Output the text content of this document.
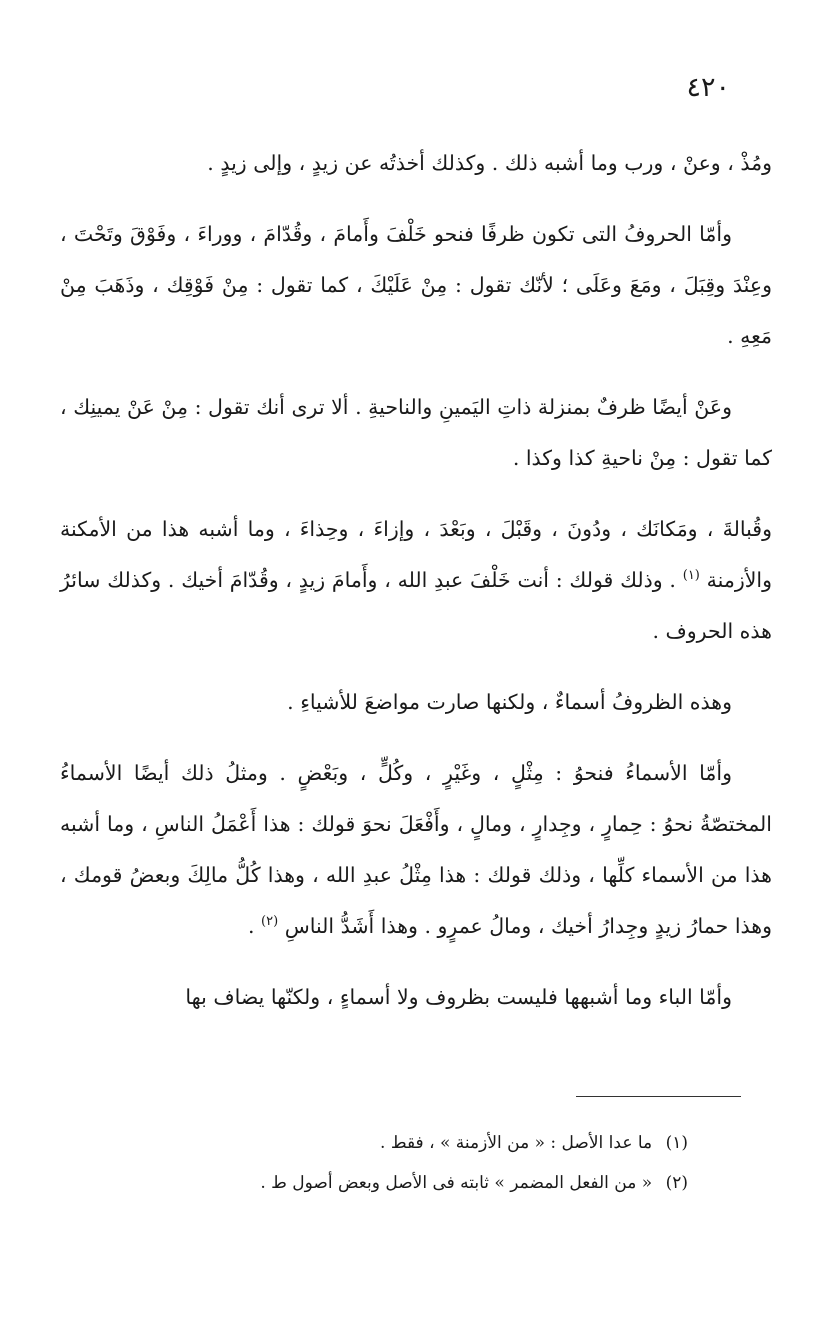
٤٢٠

ومُذْ ، وعنْ ، ورب وما أشبه ذلك . وكذلك أخذتُه عن زيدٍ ، وإلى زيدٍ .

وأمّا الحروفُ التى تكون ظرفًا فنحو خَلْفَ وأَمامَ ، وقُدّامَ ، ووراءَ ، وفَوْقَ وتَحْتَ ، وعِنْدَ وقِبَلَ ، ومَعَ وعَلَى ؛ لأنّك تقول : مِنْ عَلَيْكَ ، كما تقول : مِنْ فَوْقِك ، وذَهَبَ مِنْ مَعِهِ .

وعَنْ أيضًا ظرفٌ بمنزلة ذاتِ اليَمينِ والناحيةِ . ألا ترى أنك تقول : مِنْ عَنْ يمينِك ، كما تقول : مِنْ ناحيةِ كذا وكذا .

وقُبالةَ ، ومَكانَك ، ودُونَ ، وقَبْلَ ، وبَعْدَ ، وإزاءَ ، وحِذاءَ ، وما أشبه هذا من الأمكنة والأزمنة $^{(١)}$ . وذلك قولك : أنت خَلْفَ عبدِ الله ، وأَمامَ زيدٍ ، وقُدّامَ أخيك . وكذلك سائرُ هذه الحروف .

وهذه الظروفُ أسماءٌ ، ولكنها صارت مواضعَ للأشياءِ .

وأمّا الأسماءُ فنحوُ : مِثْلٍ ، وغَيْرٍ ، وكُلٍّ ، وبَعْضٍ . ومثلُ ذلك أيضًا الأسماءُ المختصّةُ نحوُ : حِمارٍ ، وجِدارٍ ، ومالٍ ، وأَفْعَلَ نحوَ قولك : هذا أَعْمَلُ الناسِ ، وما أشبه هذا من الأسماء كلِّها ، وذلك قولك : هذا مِثْلُ عبدِ الله ، وهذا كُلُّ مالِكَ وبعضُ قومك ، وهذا حمارُ زيدٍ وجِدارُ أخيك ، ومالُ عمرٍو . وهذا أَشَدُّ الناسِ $^{(٢)}$ .

وأمّا الباء وما أشبهها فليست بظروف ولا أسماءٍ ، ولكنّها يضاف بها

(١) ما عدا الأصل : « من الأزمنة » ، فقط .

(٢) « من الفعل المضمر » ثابته فى الأصل وبعض أصول ط .
